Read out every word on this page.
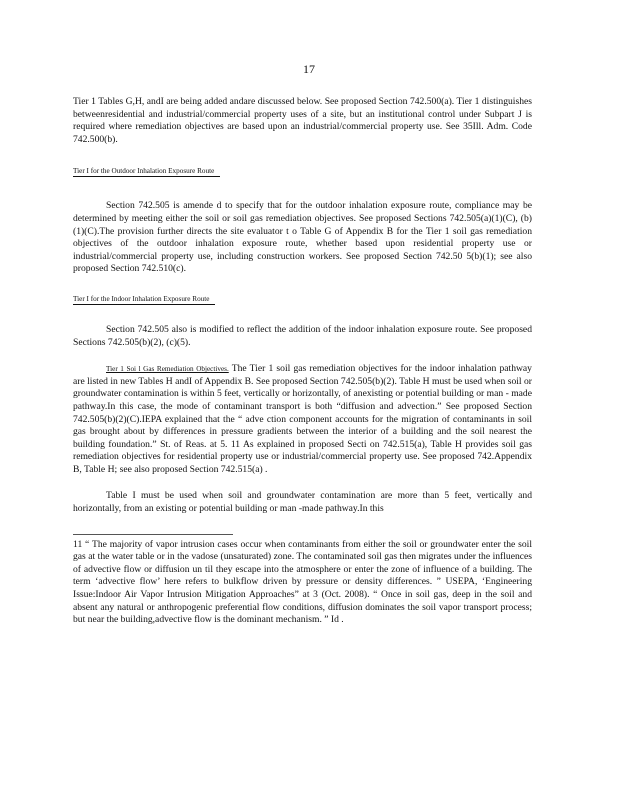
17

Tier 1 Tables G,H, andI are being added andare discussed below. See proposed Section 742.500(a). Tier 1 distinguishes betweenresidential and industrial/commercial property uses of a site, but an institutional control under Subpart J is required where remediation objectives are based upon an industrial/commercial property use. See 35Ill. Adm. Code 742.500(b).

Tier I for the Outdoor Inhalation Exposure Route

Section 742.505 is amende d to specify that for the outdoor inhalation exposure route, compliance may be determined by meeting either the soil or soil gas remediation objectives. See proposed Sections 742.505(a)(1)(C), (b)(1)(C).The provision further directs the site evaluator t o Table G of Appendix B for the Tier 1 soil gas remediation objectives of the outdoor inhalation exposure route, whether based upon residential property use or industrial/commercial property use, including construction workers. See proposed Section 742.50 5(b)(1); see also proposed Section 742.510(c).

Tier I for the Indoor Inhalation Exposure Route

Section 742.505 also is modified to reflect the addition of the indoor inhalation exposure route. See proposed Sections 742.505(b)(2), (c)(5).

Tier 1 Soi l Gas Remediation Objectives. The Tier 1 soil gas remediation objectives for the indoor inhalation pathway are listed in new Tables H andI of Appendix B. See proposed Section 742.505(b)(2). Table H must be used when soil or groundwater contamination is within 5 feet, vertically or horizontally, of anexisting or potential building or man - made pathway.In this case, the mode of contaminant transport is both “diffusion and advection.” See proposed Section 742.505(b)(2)(C).IEPA explained that the “ adve ction component accounts for the migration of contaminants in soil gas brought about by differences in pressure gradients between the interior of a building and the soil nearest the building foundation.” St. of Reas. at 5. 11 As explained in proposed Secti on 742.515(a), Table H provides soil gas remediation objectives for residential property use or industrial/commercial property use. See proposed 742.Appendix B, Table H; see also proposed Section 742.515(a) .

Table I must be used when soil and groundwater contamination are more than 5 feet, vertically and horizontally, from an existing or potential building or man -made pathway.In this

11 “ The majority of vapor intrusion cases occur when contaminants from either the soil or groundwater enter the soil gas at the water table or in the vadose (unsaturated) zone. The contaminated soil gas then migrates under the influences of advective flow or diffusion un til they escape into the atmosphere or enter the zone of influence of a building. The term ‘advective flow’ here refers to bulkflow driven by pressure or density differences. ” USEPA, ‘Engineering Issue:Indoor Air Vapor Intrusion Mitigation Approaches” at 3 (Oct. 2008). “ Once in soil gas, deep in the soil and absent any natural or anthropogenic preferential flow conditions, diffusion dominates the soil vapor transport process; but near the building,advective flow is the dominant mechanism. ” Id .
